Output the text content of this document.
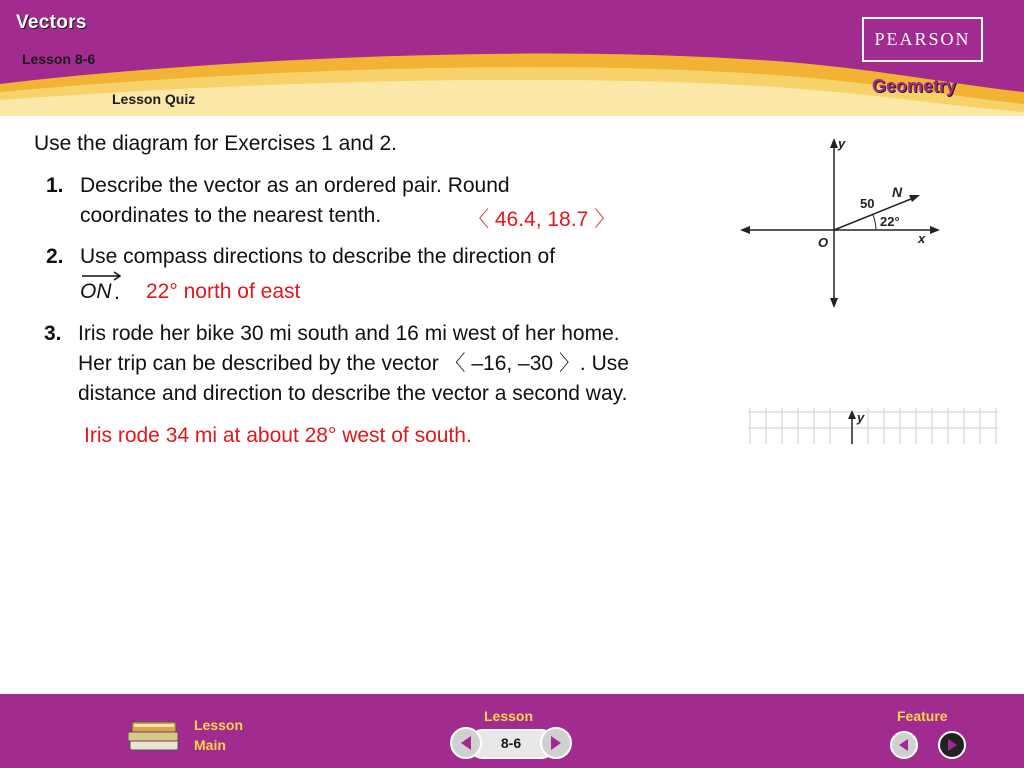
Vectors
Lesson 8-6
Lesson Quiz
PEARSON
Geometry
Use the diagram for Exercises 1 and 2.
1. Describe the vector as an ordered pair. Round
coordinates to the nearest tenth.	〈 46.4, 18.7 〉
2. Use compass directions to describe the direction of
ON . 22° north of east
3. Iris rode her bike 30 mi south and 16 mi west of her home.
Her trip can be described by the vector 〈 –16, –30 〉. Use
distance and direction to describe the vector a second way.
Iris rode 34 mi at about 28° west of south.
y
x
O
N
50
22°
y
Lesson
Main
Lesson
8-6
Feature
